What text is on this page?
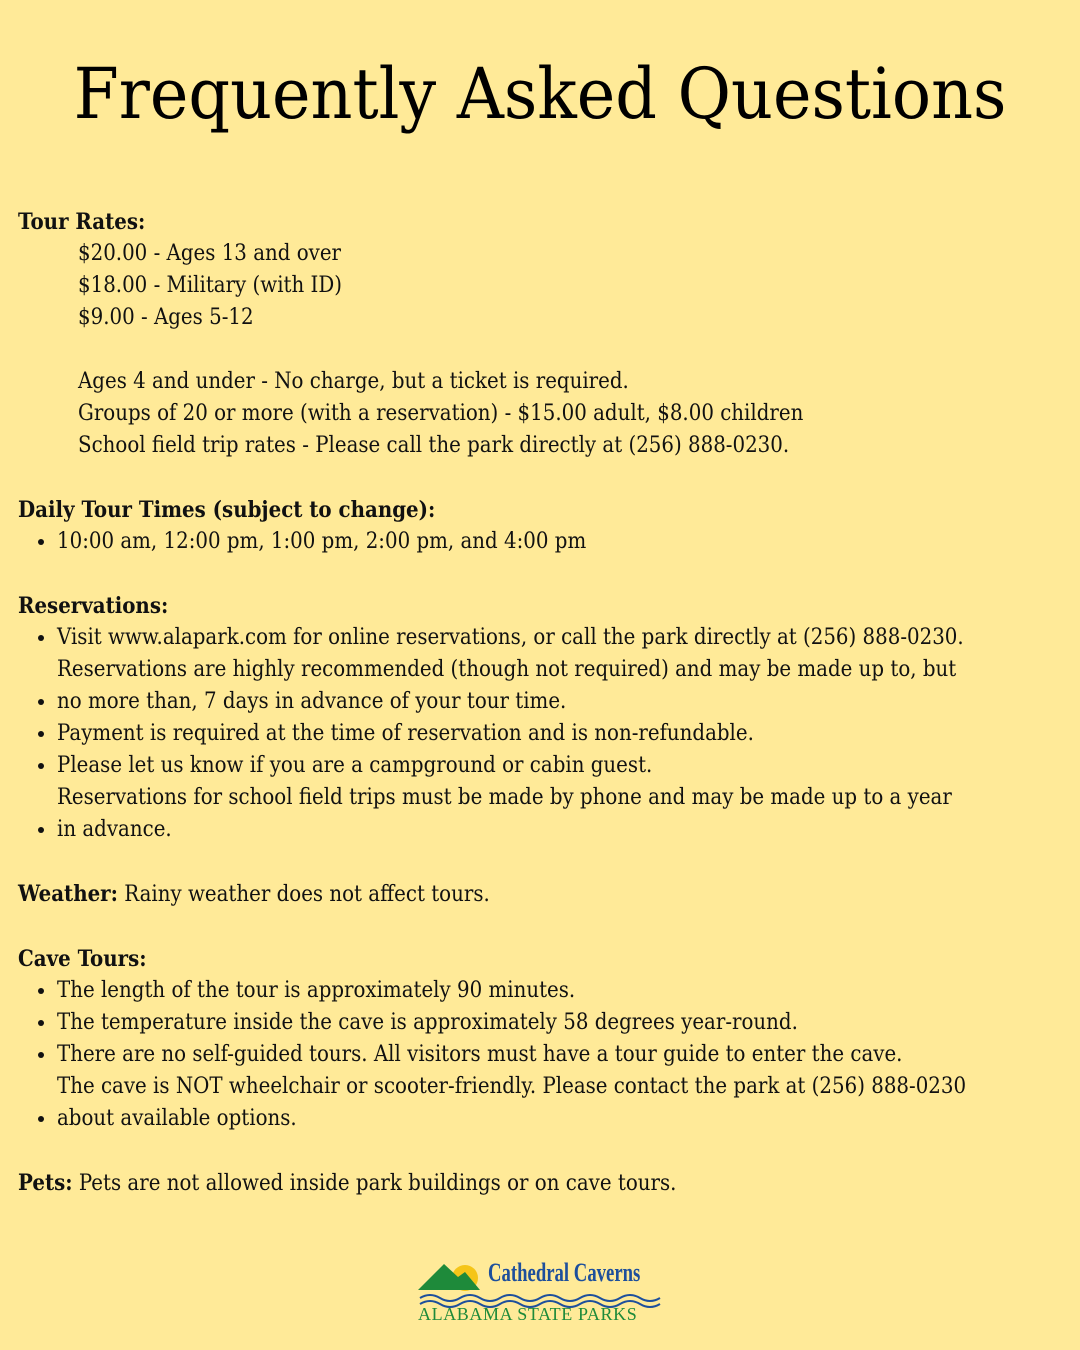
Frequently Asked Questions
Tour Rates:
$20.00 - Ages 13 and over
$18.00 - Military (with ID)
$9.00 - Ages 5-12
Ages 4 and under - No charge, but a ticket is required.
Groups of 20 or more (with a reservation) - $15.00 adult, $8.00 children
School field trip rates - Please call the park directly at (256) 888-0230.
Daily Tour Times (subject to change):
• 10:00 am, 12:00 pm, 1:00 pm, 2:00 pm, and 4:00 pm
Reservations:
• Visit www.alapark.com for online reservations, or call the park directly at (256) 888-0230.
• Reservations are highly recommended (though not required) and may be made up to, but
no more than, 7 days in advance of your tour time.
• Payment is required at the time of reservation and is non-refundable.
• Please let us know if you are a campground or cabin guest.
• Reservations for school field trips must be made by phone and may be made up to a year
in advance.
Weather: Rainy weather does not affect tours.
Cave Tours:
• The length of the tour is approximately 90 minutes.
• The temperature inside the cave is approximately 58 degrees year-round.
• There are no self-guided tours. All visitors must have a tour guide to enter the cave.
• The cave is NOT wheelchair or scooter-friendly. Please contact the park at (256) 888-0230
about available options.
Pets: Pets are not allowed inside park buildings or on cave tours.
Cathedral Caverns
ALABAMA STATE PARKS
